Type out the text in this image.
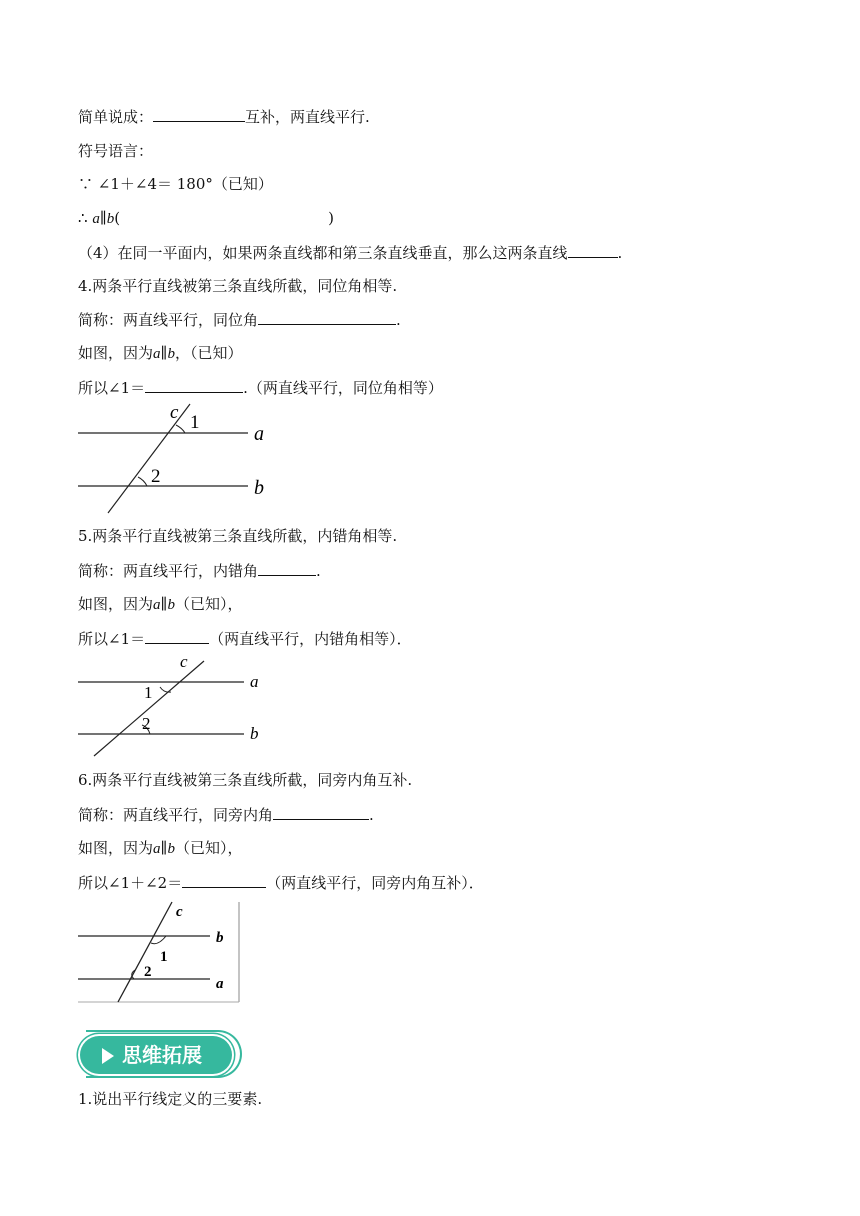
简单说成：	互补，两直线平行.
符号语言：
∵ ∠1＋∠4＝ 180°（已知）
∴ a∥b(	)
（4）在同一平面内，如果两条直线都和第三条直线垂直，那么这两条直线	.
4.两条平行直线被第三条直线所截，同位角相等.
简称：两直线平行，同位角	.
如图，因为a∥b，（已知）
所以∠1＝	.（两直线平行，同位角相等）
c 1
2
a
b
5.两条平行直线被第三条直线所截，内错角相等.
简称：两直线平行，内错角	.
如图，因为a∥b（已知），
所以∠1＝	（两直线平行，内错角相等）．
c
1
2
a
b
6.两条平行直线被第三条直线所截，同旁内角互补.
简称：两直线平行，同旁内角	.
如图，因为a∥b（已知），
所以∠1＋∠2＝	（两直线平行，同旁内角互补）．
c
b
1
2
a
思维拓展
1.说出平行线定义的三要素.
